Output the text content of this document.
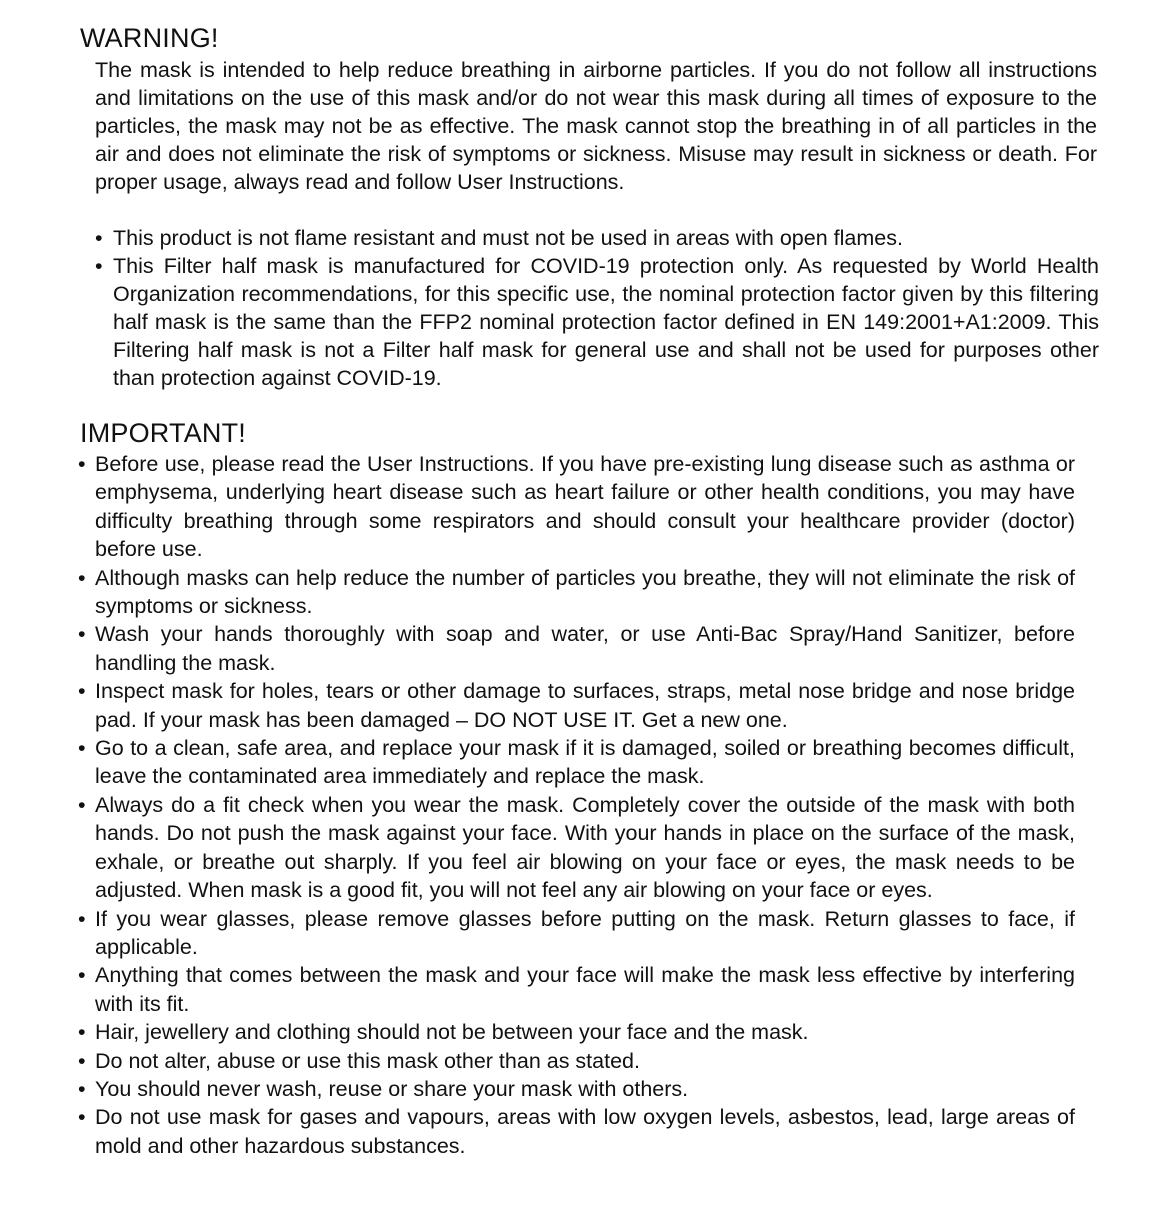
WARNING!

The mask is intended to help reduce breathing in airborne particles. If you do not follow all instructions and limitations on the use of this mask and/or do not wear this mask during all times of exposure to the particles, the mask may not be as effective. The mask cannot stop the breathing in of all particles in the air and does not eliminate the risk of symptoms or sickness. Misuse may result in sickness or death. For proper usage, always read and follow User Instructions.

• This product is not flame resistant and must not be used in areas with open flames.
• This Filter half mask is manufactured for COVID-19 protection only. As requested by World Health Organization recommendations, for this specific use, the nominal protection factor given by this filtering half mask is the same than the FFP2 nominal protection factor defined in EN 149:2001+A1:2009. This Filtering half mask is not a Filter half mask for general use and shall not be used for purposes other than protection against COVID-19.
IMPORTANT!
• Before use, please read the User Instructions. If you have pre-existing lung disease such as asthma or emphysema, underlying heart disease such as heart failure or other health conditions, you may have difficulty breathing through some respirators and should consult your healthcare provider (doctor) before use.
• Although masks can help reduce the number of particles you breathe, they will not eliminate the risk of symptoms or sickness.
• Wash your hands thoroughly with soap and water, or use Anti-Bac Spray/Hand Sanitizer, before handling the mask.
• Inspect mask for holes, tears or other damage to surfaces, straps, metal nose bridge and nose bridge pad. If your mask has been damaged – DO NOT USE IT. Get a new one.
• Go to a clean, safe area, and replace your mask if it is damaged, soiled or breathing becomes difficult, leave the contaminated area immediately and replace the mask.
• Always do a fit check when you wear the mask. Completely cover the outside of the mask with both hands. Do not push the mask against your face. With your hands in place on the surface of the mask, exhale, or breathe out sharply. If you feel air blowing on your face or eyes, the mask needs to be adjusted. When mask is a good fit, you will not feel any air blowing on your face or eyes.
• If you wear glasses, please remove glasses before putting on the mask. Return glasses to face, if applicable.
• Anything that comes between the mask and your face will make the mask less effective by interfering with its fit.
• Hair, jewellery and clothing should not be between your face and the mask.
• Do not alter, abuse or use this mask other than as stated.
• You should never wash, reuse or share your mask with others.
• Do not use mask for gases and vapours, areas with low oxygen levels, asbestos, lead, large areas of mold and other hazardous substances.
